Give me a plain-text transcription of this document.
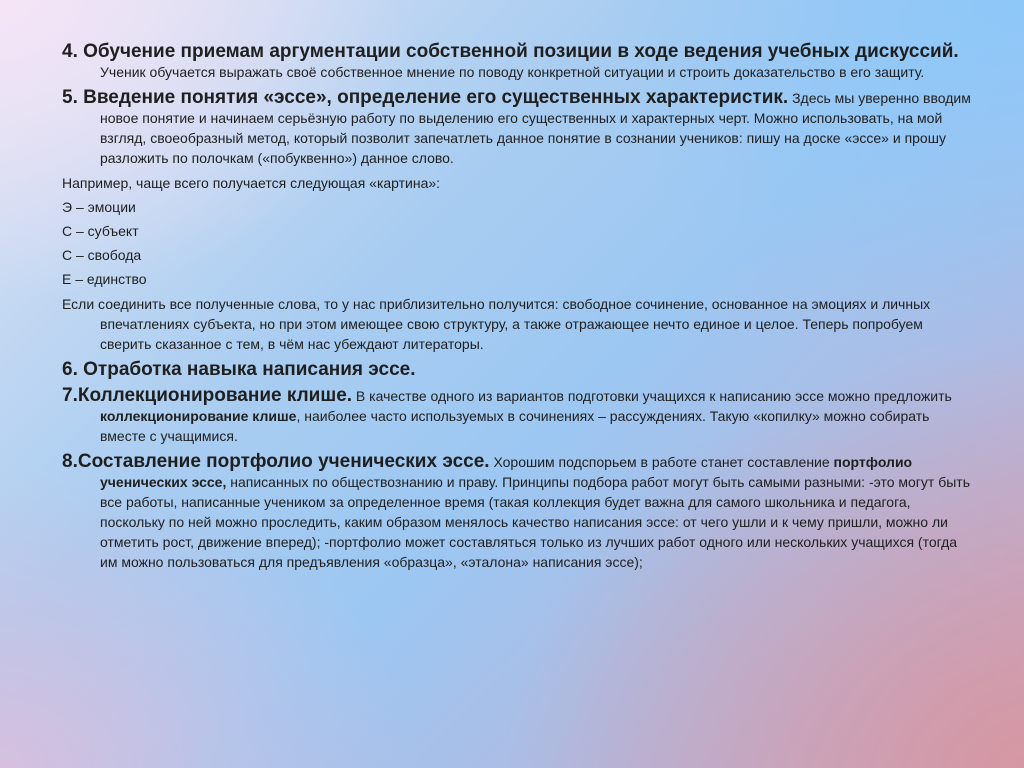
4. Обучение приемам аргументации собственной позиции в ходе ведения учебных дискуссий. Ученик обучается выражать своё собственное мнение по поводу конкретной ситуации и строить доказательство в его защиту.

5. Введение понятия «эссе», определение его существенных характеристик. Здесь мы уверенно вводим новое понятие и начинаем серьёзную работу по выделению его существенных и характерных черт. Можно использовать, на мой взгляд, своеобразный метод, который позволит запечатлеть данное понятие в сознании учеников: пишу на доске «эссе» и прошу разложить по полочкам («побуквенно») данное слово.

Например, чаще всего получается следующая «картина»:

Э – эмоции

С – субъект

С – свобода

Е – единство

Если соединить все полученные слова, то у нас приблизительно получится: свободное сочинение, основанное на эмоциях и личных впечатлениях субъекта, но при этом имеющее свою структуру, а также отражающее нечто единое и целое. Теперь попробуем сверить сказанное с тем, в чём нас убеждают литераторы.

6. Отработка навыка написания эссе.

7.Коллекционирование клише. В качестве одного из вариантов подготовки учащихся к написанию эссе можно предложить коллекционирование клише, наиболее часто используемых в сочинениях – рассуждениях. Такую «копилку» можно собирать вместе с учащимися.

8.Составление портфолио ученических эссе. Хорошим подспорьем в работе станет составление портфолио ученических эссе, написанных по обществознанию и праву. Принципы подбора работ могут быть самыми разными: -это могут быть все работы, написанные учеником за определенное время (такая коллекция будет важна для самого школьника и педагога, поскольку по ней можно проследить, каким образом менялось качество написания эссе: от чего ушли и к чему пришли, можно ли отметить рост, движение вперед); -портфолио может составляться только из лучших работ одного или нескольких учащихся (тогда им можно пользоваться для предъявления «образца», «эталона» написания эссе);
